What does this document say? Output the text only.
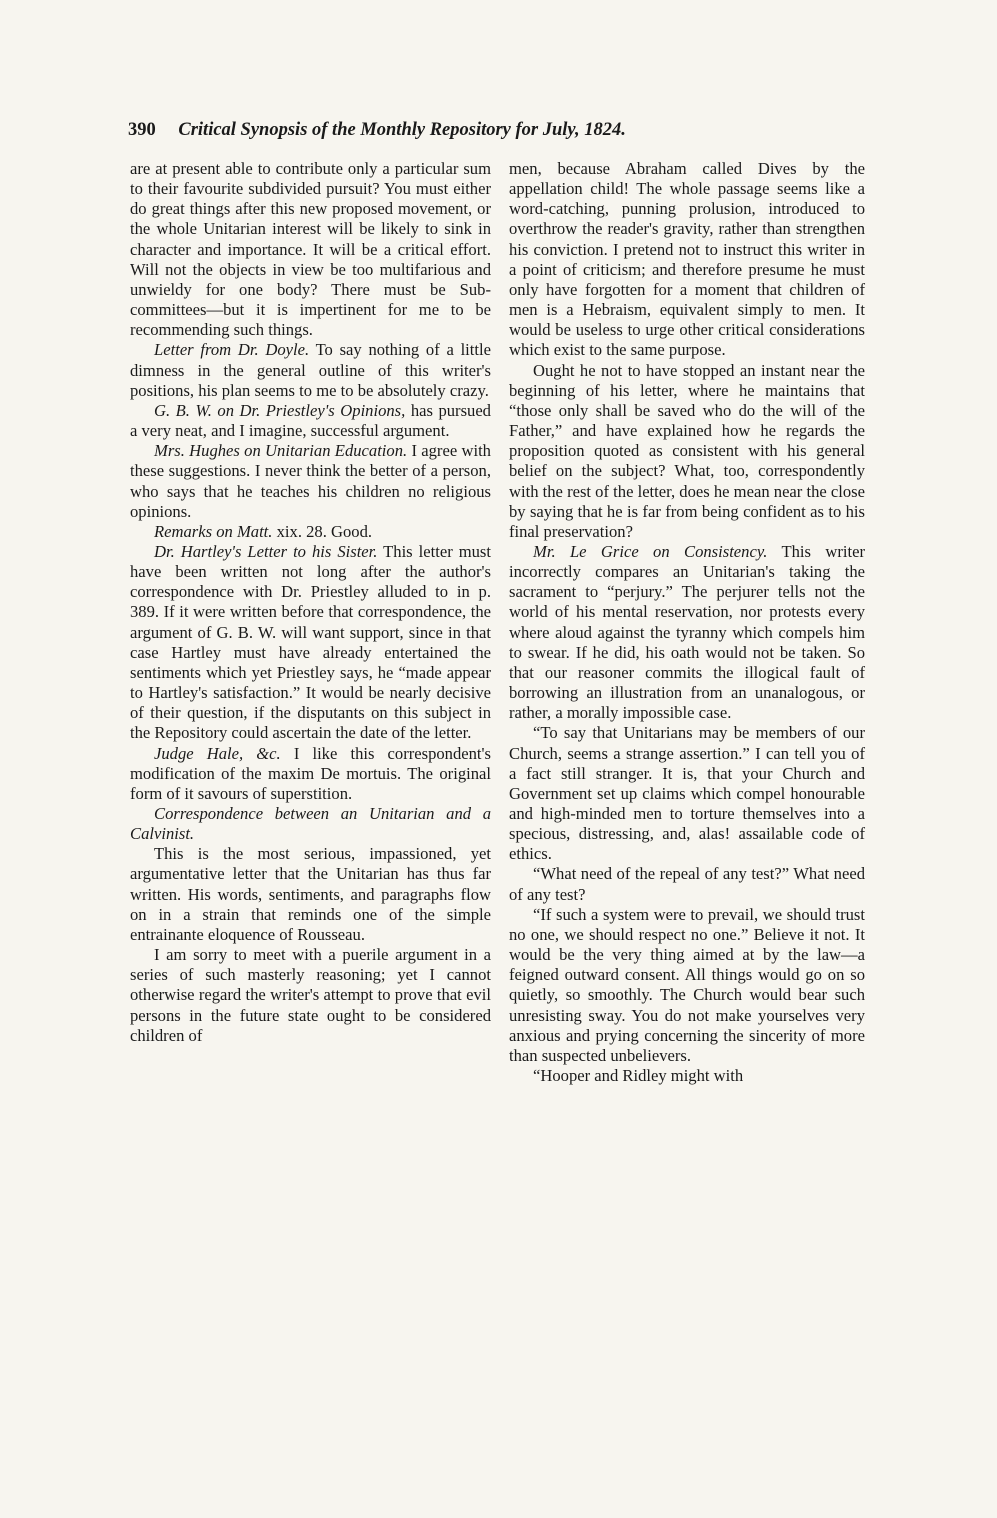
390 Critical Synopsis of the Monthly Repository for July, 1824.

are at present able to contribute only a particular sum to their favourite subdivided pursuit? You must either do great things after this new proposed movement, or the whole Unitarian interest will be likely to sink in character and importance. It will be a critical effort. Will not the objects in view be too multifarious and unwieldy for one body? There must be Sub-committees—but it is impertinent for me to be recommending such things.

Letter from Dr. Doyle. To say nothing of a little dimness in the general outline of this writer's positions, his plan seems to me to be absolutely crazy.

G. B. W. on Dr. Priestley's Opinions, has pursued a very neat, and I imagine, successful argument.

Mrs. Hughes on Unitarian Education. I agree with these suggestions. I never think the better of a person, who says that he teaches his children no religious opinions.

Remarks on Matt. xix. 28. Good.

Dr. Hartley's Letter to his Sister. This letter must have been written not long after the author's correspondence with Dr. Priestley alluded to in p. 389. If it were written before that correspondence, the argument of G. B. W. will want support, since in that case Hartley must have already entertained the sentiments which yet Priestley says, he “made appear to Hartley's satisfaction.” It would be nearly decisive of their question, if the disputants on this subject in the Repository could ascertain the date of the letter.

Judge Hale, &c. I like this correspondent's modification of the maxim De mortuis. The original form of it savours of superstition.

Correspondence between an Unitarian and a Calvinist.

This is the most serious, impassioned, yet argumentative letter that the Unitarian has thus far written. His words, sentiments, and paragraphs flow on in a strain that reminds one of the simple entrainante eloquence of Rousseau.

I am sorry to meet with a puerile argument in a series of such masterly reasoning; yet I cannot otherwise regard the writer's attempt to prove that evil persons in the future state ought to be considered children of

men, because Abraham called Dives by the appellation child! The whole passage seems like a word-catching, punning prolusion, introduced to overthrow the reader's gravity, rather than strengthen his conviction. I pretend not to instruct this writer in a point of criticism; and therefore presume he must only have forgotten for a moment that children of men is a Hebraism, equivalent simply to men. It would be useless to urge other critical considerations which exist to the same purpose.

Ought he not to have stopped an instant near the beginning of his letter, where he maintains that “those only shall be saved who do the will of the Father,” and have explained how he regards the proposition quoted as consistent with his general belief on the subject? What, too, correspondently with the rest of the letter, does he mean near the close by saying that he is far from being confident as to his final preservation?

Mr. Le Grice on Consistency. This writer incorrectly compares an Unitarian's taking the sacrament to “perjury.” The perjurer tells not the world of his mental reservation, nor protests every where aloud against the tyranny which compels him to swear. If he did, his oath would not be taken. So that our reasoner commits the illogical fault of borrowing an illustration from an unanalogous, or rather, a morally impossible case.

“To say that Unitarians may be members of our Church, seems a strange assertion.” I can tell you of a fact still stranger. It is, that your Church and Government set up claims which compel honourable and high-minded men to torture themselves into a specious, distressing, and, alas! assailable code of ethics.

“What need of the repeal of any test?” What need of any test?

“If such a system were to prevail, we should trust no one, we should respect no one.” Believe it not. It would be the very thing aimed at by the law—a feigned outward consent. All things would go on so quietly, so smoothly. The Church would bear such unresisting sway. You do not make yourselves very anxious and prying concerning the sincerity of more than suspected unbelievers.

“Hooper and Ridley might with
